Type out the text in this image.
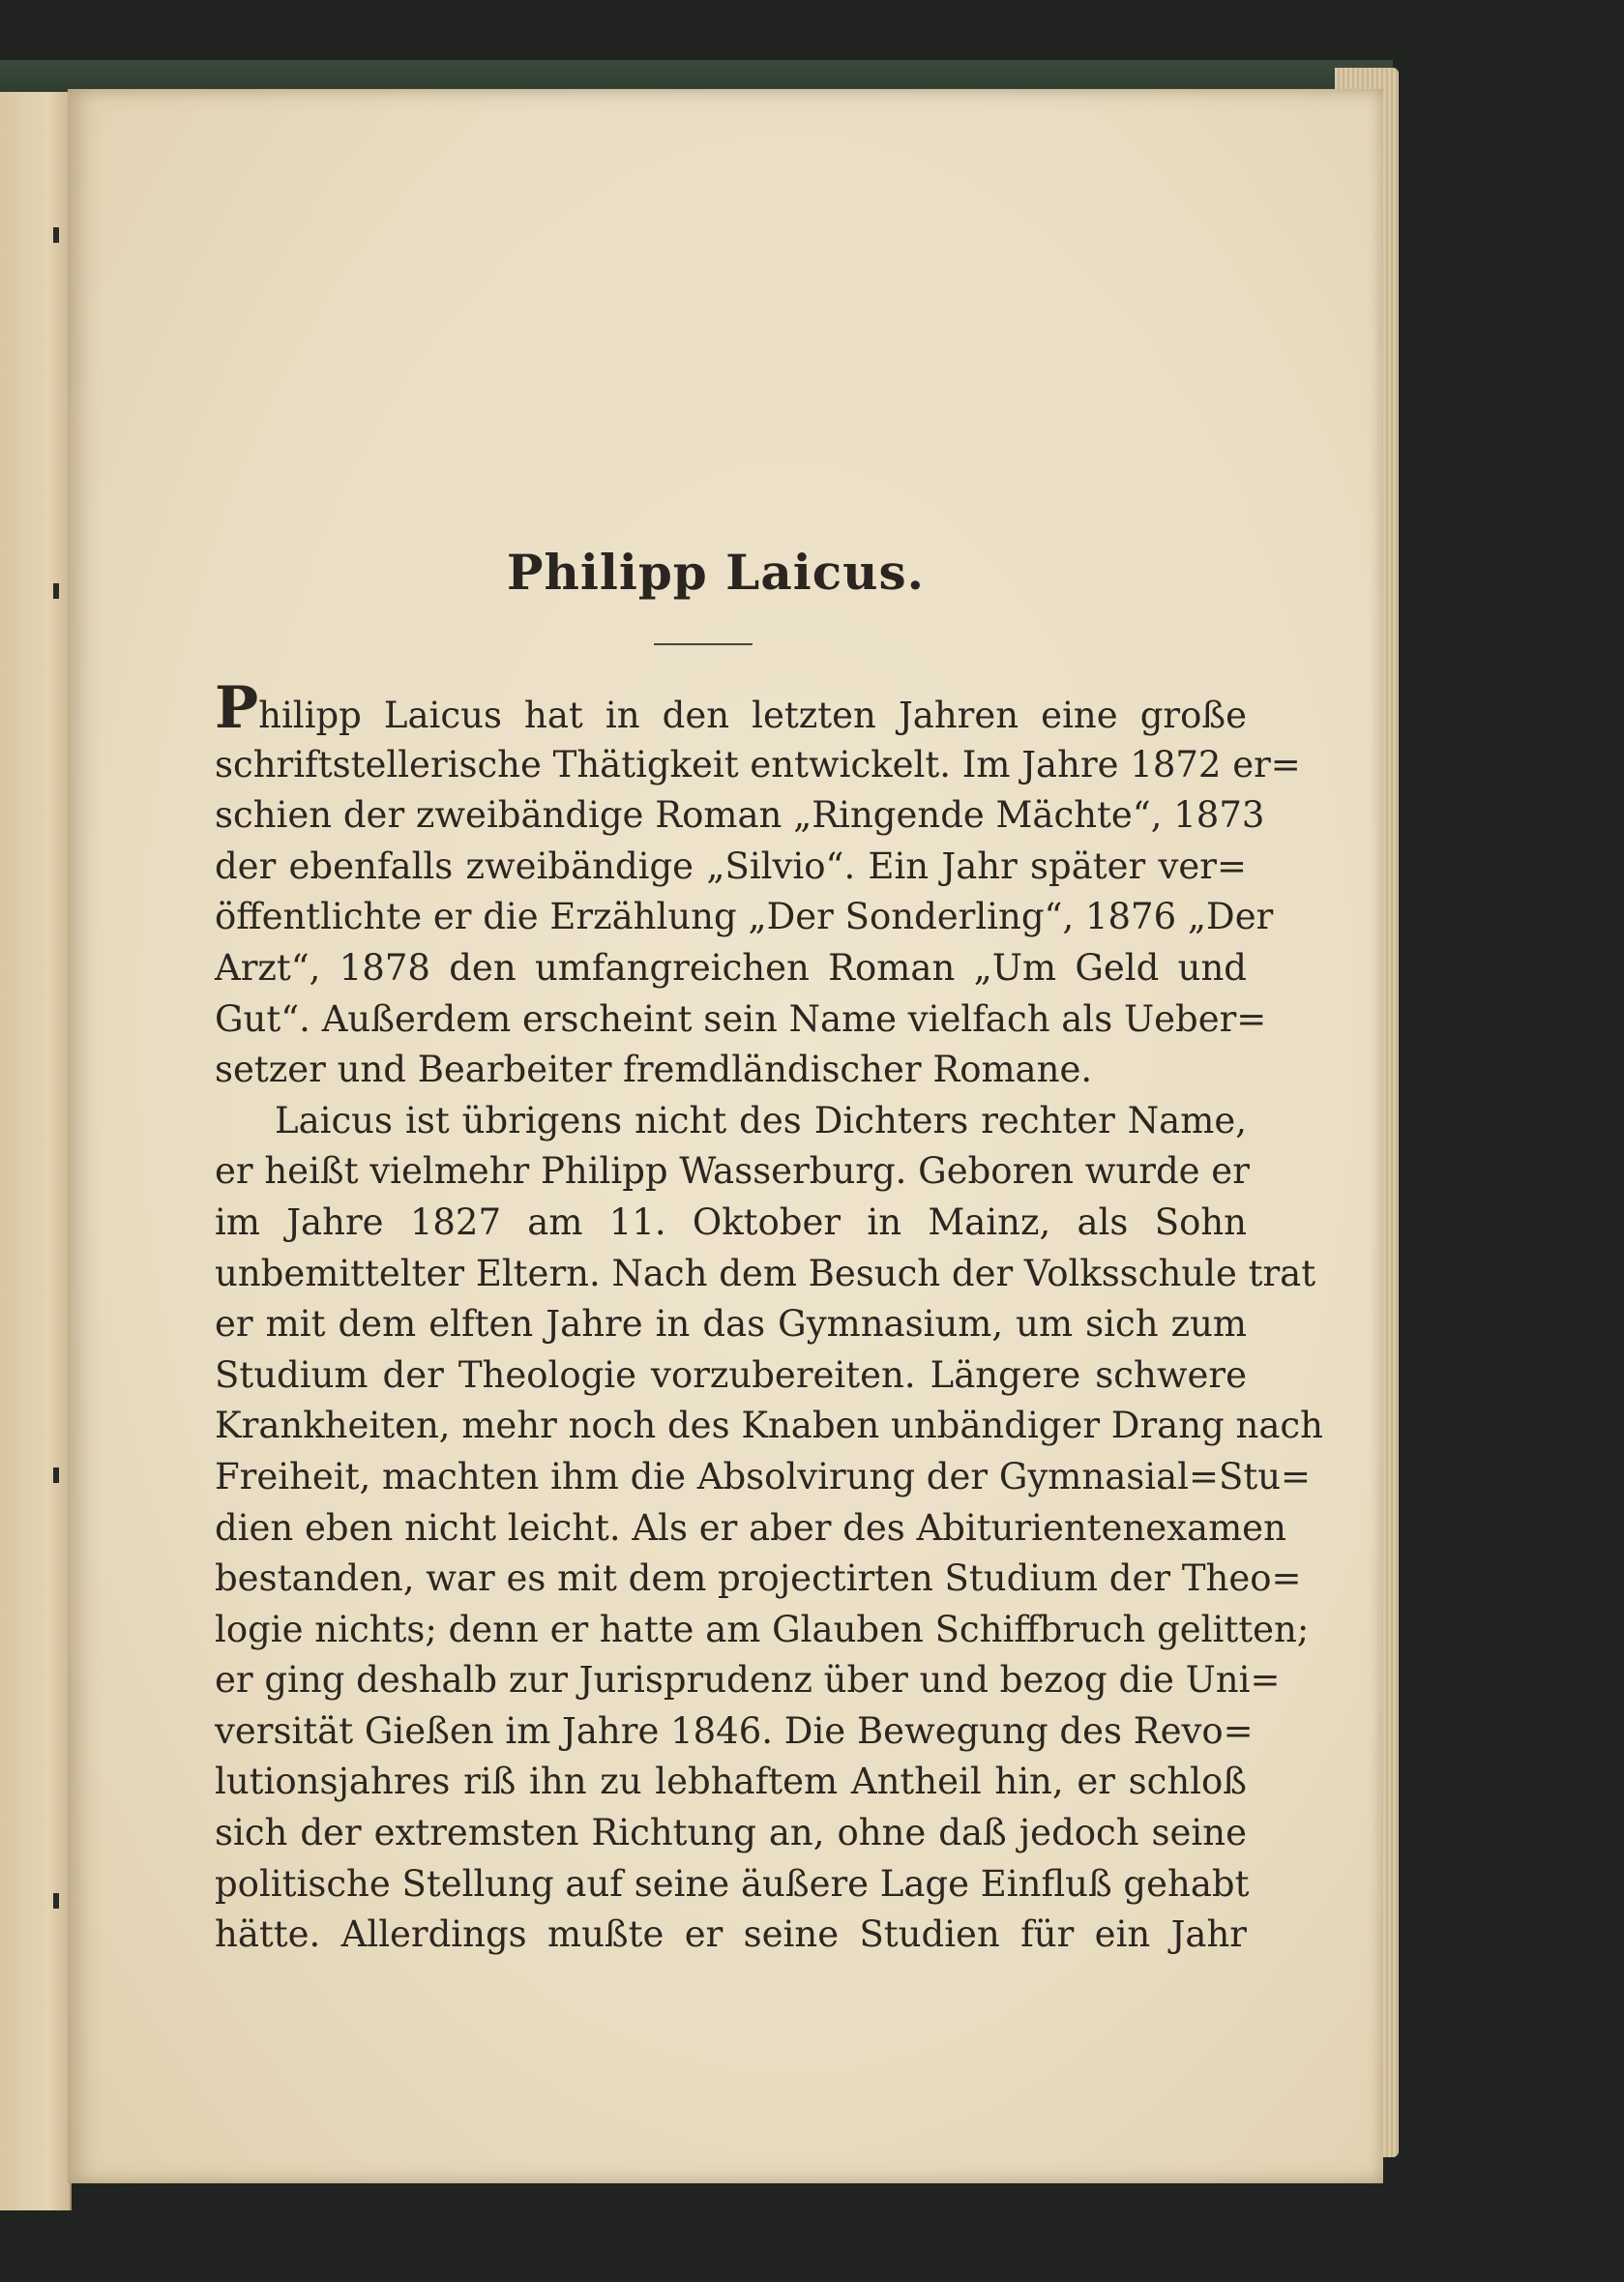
Philipp Laicus.
Philipp Laicus hat in den letzten Jahren eine große
schriftstellerische Thätigkeit entwickelt. Im Jahre 1872 er=
schien der zweibändige Roman „Ringende Mächte“, 1873
der ebenfalls zweibändige „Silvio“. Ein Jahr später ver=
öffentlichte er die Erzählung „Der Sonderling“, 1876 „Der
Arzt“, 1878 den umfangreichen Roman „Um Geld und
Gut“. Außerdem erscheint sein Name vielfach als Ueber=
setzer und Bearbeiter fremdländischer Romane.
Laicus ist übrigens nicht des Dichters rechter Name,
er heißt vielmehr Philipp Wasserburg. Geboren wurde er
im Jahre 1827 am 11. Oktober in Mainz, als Sohn
unbemittelter Eltern. Nach dem Besuch der Volksschule trat
er mit dem elften Jahre in das Gymnasium, um sich zum
Studium der Theologie vorzubereiten. Längere schwere
Krankheiten, mehr noch des Knaben unbändiger Drang nach
Freiheit, machten ihm die Absolvirung der Gymnasial=Stu=
dien eben nicht leicht. Als er aber des Abiturientenexamen
bestanden, war es mit dem projectirten Studium der Theo=
logie nichts; denn er hatte am Glauben Schiffbruch gelitten;
er ging deshalb zur Jurisprudenz über und bezog die Uni=
versität Gießen im Jahre 1846. Die Bewegung des Revo=
lutionsjahres riß ihn zu lebhaftem Antheil hin, er schloß
sich der extremsten Richtung an, ohne daß jedoch seine
politische Stellung auf seine äußere Lage Einfluß gehabt
hätte. Allerdings mußte er seine Studien für ein Jahr
